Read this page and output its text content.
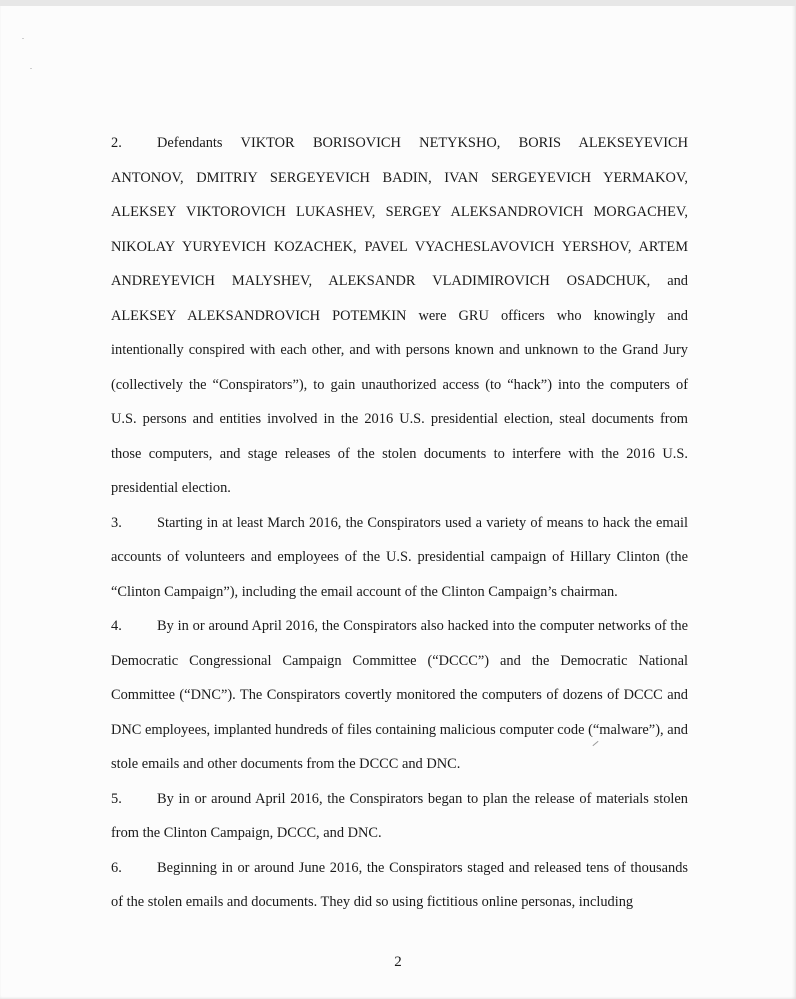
2. Defendants VIKTOR BORISOVICH NETYKSHO, BORIS ALEKSEYEVICH ANTONOV, DMITRIY SERGEYEVICH BADIN, IVAN SERGEYEVICH YERMAKOV, ALEKSEY VIKTOROVICH LUKASHEV, SERGEY ALEKSANDROVICH MORGACHEV, NIKOLAY YURYEVICH KOZACHEK, PAVEL VYACHESLAVOVICH YERSHOV, ARTEM ANDREYEVICH MALYSHEV, ALEKSANDR VLADIMIROVICH OSADCHUK, and ALEKSEY ALEKSANDROVICH POTEMKIN were GRU officers who knowingly and intentionally conspired with each other, and with persons known and unknown to the Grand Jury (collectively the “Conspirators”), to gain unauthorized access (to “hack”) into the computers of U.S. persons and entities involved in the 2016 U.S. presidential election, steal documents from those computers, and stage releases of the stolen documents to interfere with the 2016 U.S. presidential election.

3. Starting in at least March 2016, the Conspirators used a variety of means to hack the email accounts of volunteers and employees of the U.S. presidential campaign of Hillary Clinton (the “Clinton Campaign”), including the email account of the Clinton Campaign’s chairman.

4. By in or around April 2016, the Conspirators also hacked into the computer networks of the Democratic Congressional Campaign Committee (“DCCC”) and the Democratic National Committee (“DNC”). The Conspirators covertly monitored the computers of dozens of DCCC and DNC employees, implanted hundreds of files containing malicious computer code (“malware”), and stole emails and other documents from the DCCC and DNC.

5. By in or around April 2016, the Conspirators began to plan the release of materials stolen from the Clinton Campaign, DCCC, and DNC.

6. Beginning in or around June 2016, the Conspirators staged and released tens of thousands of the stolen emails and documents. They did so using fictitious online personas, including

2
